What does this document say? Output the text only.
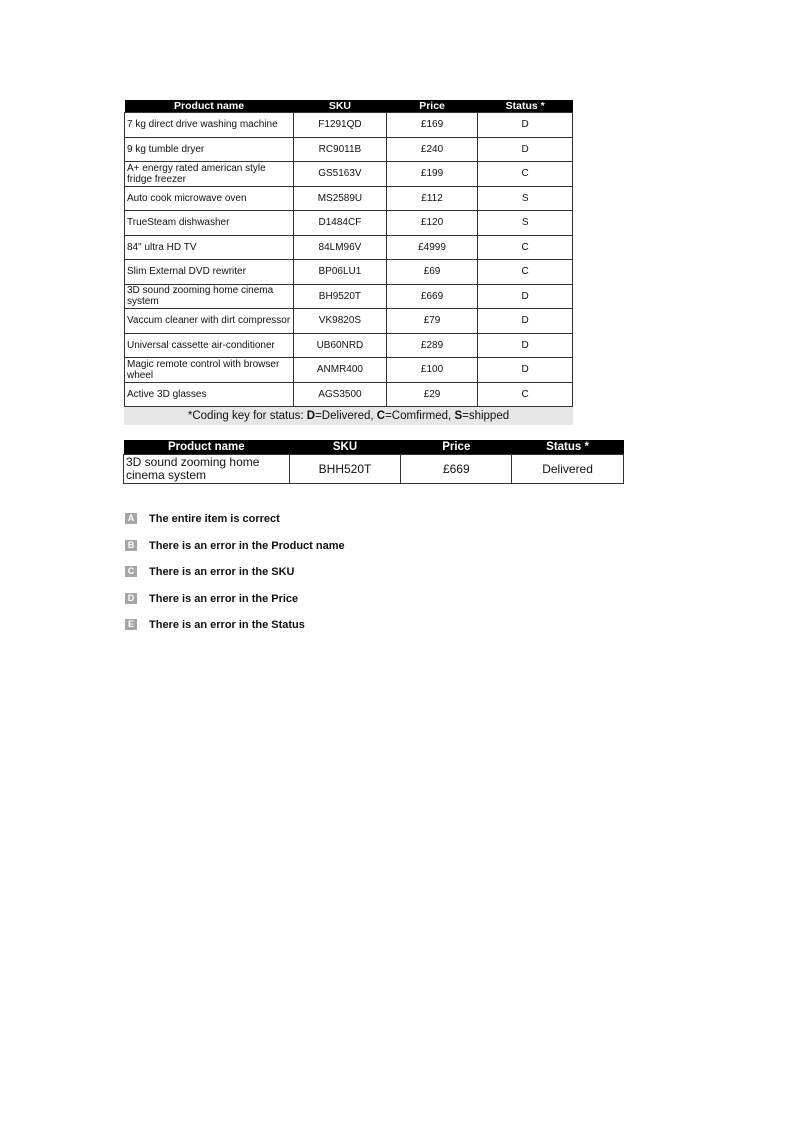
Product name	SKU	Price	Status *
7 kg direct drive washing machine	F1291QD	£169	D
9 kg tumble dryer	RC9011B	£240	D
A+ energy rated american style fridge freezer	GS5163V	£199	C
Auto cook microwave oven	MS2589U	£112	S
TrueSteam dishwasher	D1484CF	£120	S
84" ultra HD TV	84LM96V	£4999	C
Slim External DVD rewriter	BP06LU1	£69	C
3D sound zooming home cinema system	BH9520T	£669	D
Vaccum cleaner with dirt compressor	VK9820S	£79	D
Universal cassette air-conditioner	UB60NRD	£289	D
Magic remote control with browser wheel	ANMR400	£100	D
Active 3D glasses	AGS3500	£29	C
*Coding key for status: D=Delivered, C=Comfirmed, S=shipped
Product name	SKU	Price	Status *
3D sound zooming home cinema system	BHH520T	£669	Delivered
A The entire item is correct
B There is an error in the Product name
C There is an error in the SKU
D There is an error in the Price
E There is an error in the Status
